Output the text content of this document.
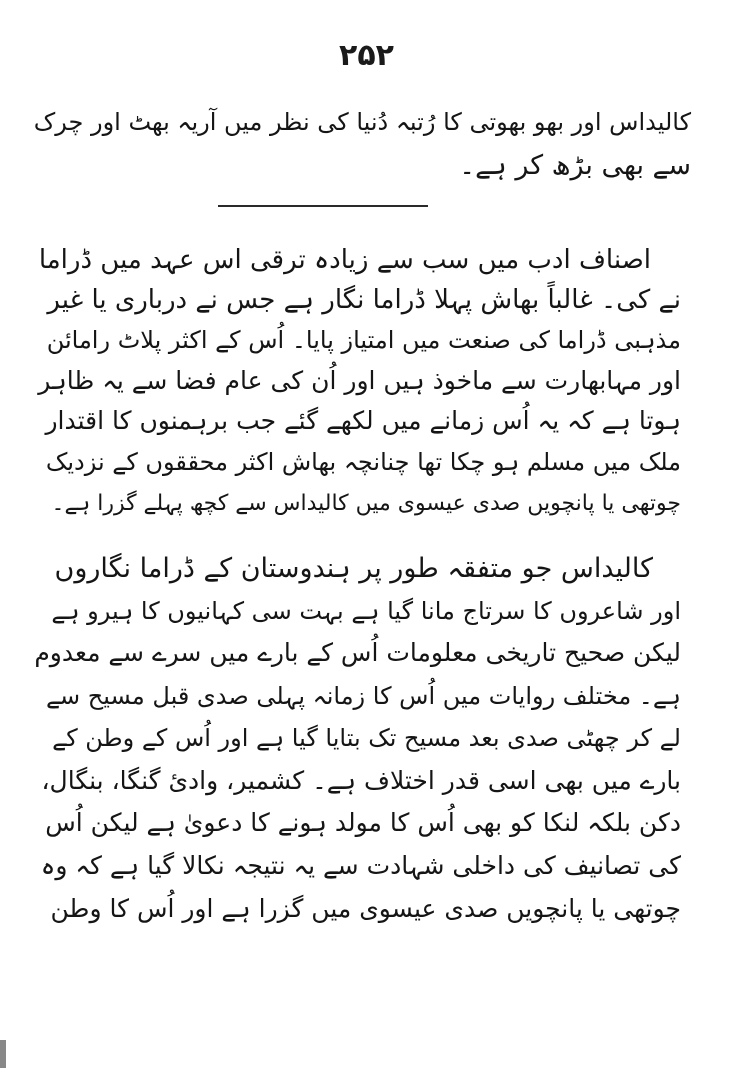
۲۵۲
کالیداس اور بھو بھوتی کا رُتبہ دُنیا کی نظر میں آریہ بھٹ اور چرک
سے بھی بڑھ کر ہے۔
اصناف ادب میں سب سے زیادہ ترقی اس عہد میں ڈراما
نے کی۔ غالباً بھاش پہلا ڈراما نگار ہے جس نے درباری یا غیر
مذہبی ڈراما کی صنعت میں امتیاز پایا۔ اُس کے اکثر پلاٹ رامائن
اور مہابھارت سے ماخوذ ہیں اور اُن کی عام فضا سے یہ ظاہر
ہوتا ہے کہ یہ اُس زمانے میں لکھے گئے جب برہمنوں کا اقتدار
ملک میں مسلم ہو چکا تھا چنانچہ بھاش اکثر محققوں کے نزدیک
چوتھی یا پانچویں صدی عیسوی میں کالیداس سے کچھ پہلے گزرا ہے۔
کالیداس جو متفقہ طور پر ہندوستان کے ڈراما نگاروں
اور شاعروں کا سرتاج مانا گیا ہے بہت سی کہانیوں کا ہیرو ہے
لیکن صحیح تاریخی معلومات اُس کے بارے میں سرے سے معدوم
ہے۔ مختلف روایات میں اُس کا زمانہ پہلی صدی قبل مسیح سے
لے کر چھٹی صدی بعد مسیح تک بتایا گیا ہے اور اُس کے وطن کے
بارے میں بھی اسی قدر اختلاف ہے۔ کشمیر، وادیٔ گنگا، بنگال،
دکن بلکہ لنکا کو بھی اُس کا مولد ہونے کا دعویٰ ہے لیکن اُس
کی تصانیف کی داخلی شہادت سے یہ نتیجہ نکالا گیا ہے کہ وہ
چوتھی یا پانچویں صدی عیسوی میں گزرا ہے اور اُس کا وطن
